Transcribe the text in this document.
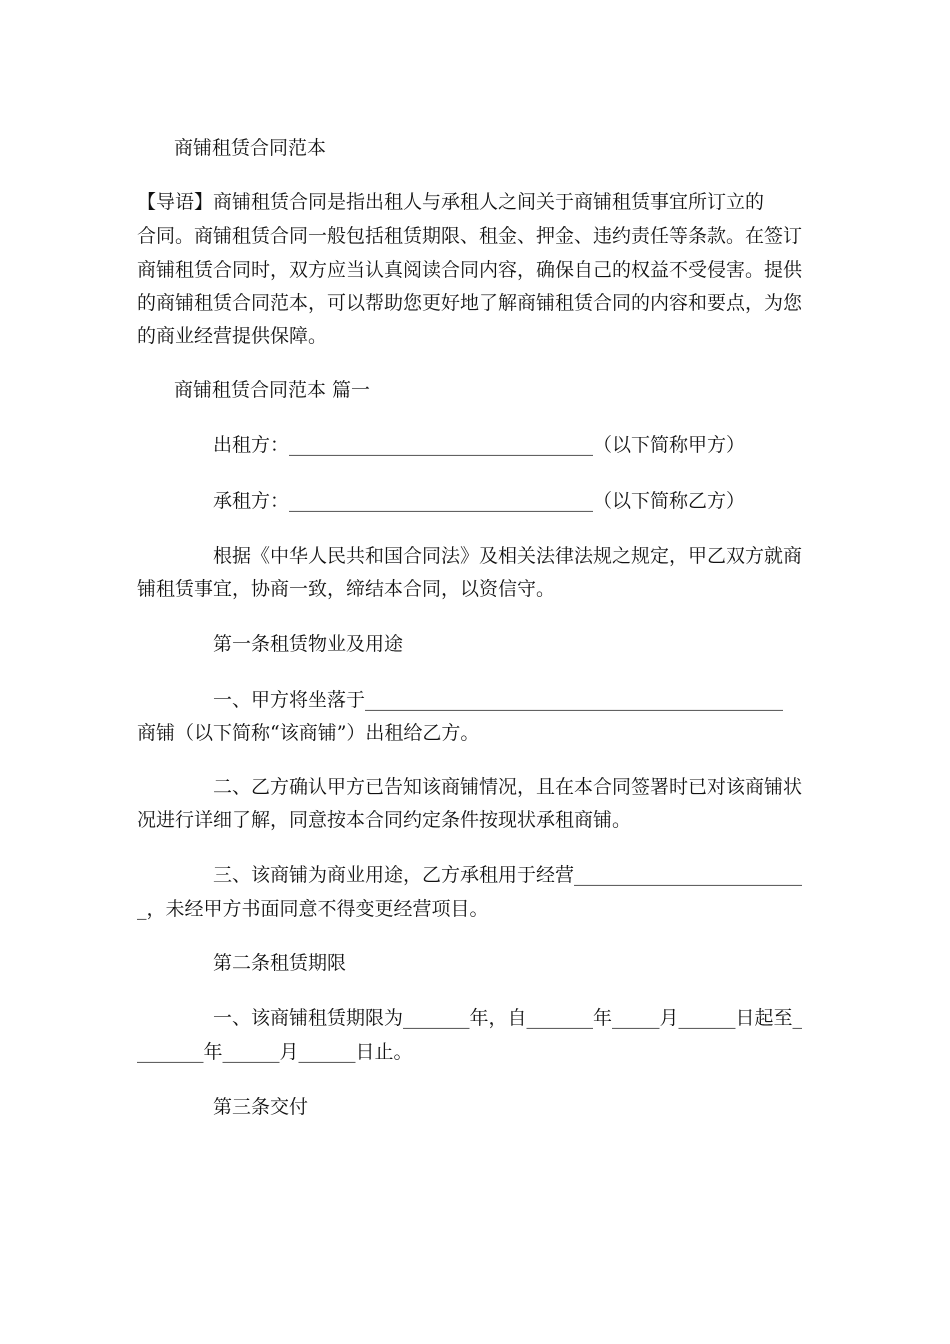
商铺租赁合同范本

【导语】商铺租赁合同是指出租人与承租人之间关于商铺租赁事宜所订立的

合同。商铺租赁合同一般包括租赁期限、租金、押金、违约责任等条款。在签订

商铺租赁合同时，双方应当认真阅读合同内容，确保自己的权益不受侵害。提供

的商铺租赁合同范本，可以帮助您更好地了解商铺租赁合同的内容和要点，为您

的商业经营提供保障。

商铺租赁合同范本 篇一

出租方：________________________________（以下简称甲方）

承租方：________________________________（以下简称乙方）

根据《中华人民共和国合同法》及相关法律法规之规定，甲乙双方就商

铺租赁事宜，协商一致，缔结本合同，以资信守。

第一条租赁物业及用途

一、甲方将坐落于____________________________________________

商铺（以下简称“该商铺”）出租给乙方。

二、乙方确认甲方已告知该商铺情况，且在本合同签署时已对该商铺状

况进行详细了解，同意按本合同约定条件按现状承租商铺。

三、该商铺为商业用途，乙方承租用于经营________________________

_，未经甲方书面同意不得变更经营项目。

第二条租赁期限

一、该商铺租赁期限为_______年，自_______年_____月______日起至_

_______年______月______日止。

第三条交付
